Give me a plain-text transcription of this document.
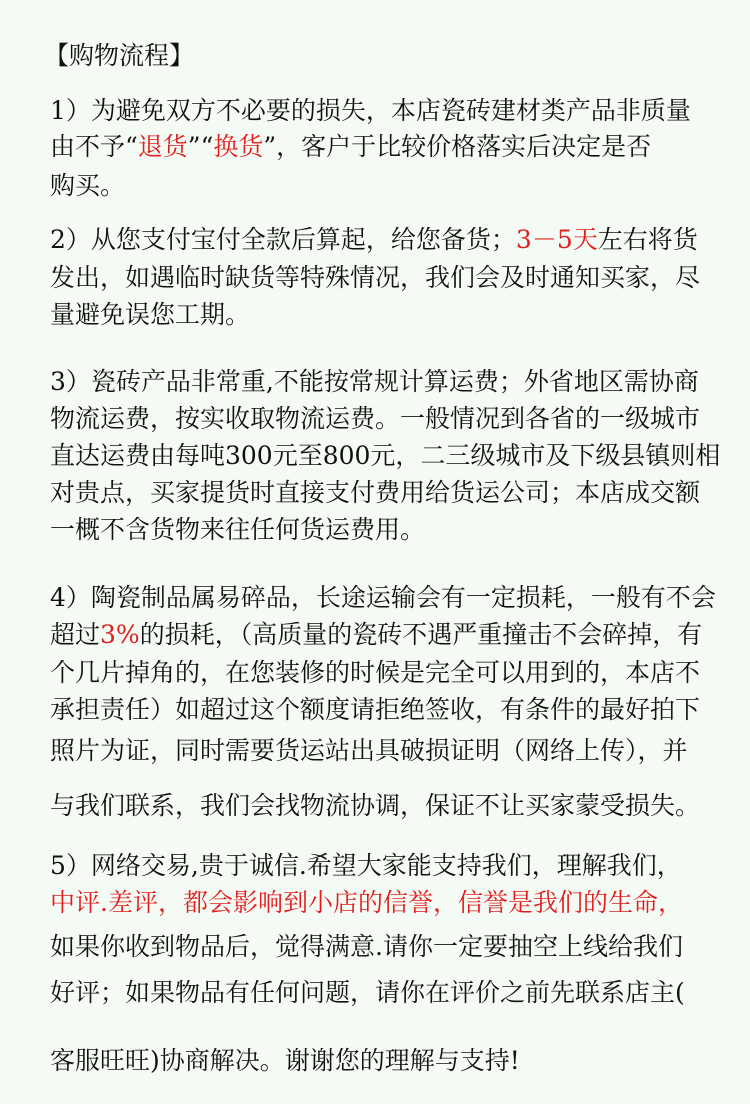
【购物流程】
1）为避免双方不必要的损失，本店瓷砖建材类产品非质量
由不予“退货”“换货”，客户于比较价格落实后决定是否
购买。
2）从您支付宝付全款后算起，给您备货；3－5天左右将货
发出，如遇临时缺货等特殊情况，我们会及时通知买家，尽
量避免误您工期。
3）瓷砖产品非常重,不能按常规计算运费；外省地区需协商
物流运费，按实收取物流运费。一般情况到各省的一级城市
直达运费由每吨300元至800元，二三级城市及下级县镇则相
对贵点，买家提货时直接支付费用给货运公司；本店成交额
一概不含货物来往任何货运费用。
4）陶瓷制品属易碎品，长途运输会有一定损耗，一般有不会
超过3%的损耗，（高质量的瓷砖不遇严重撞击不会碎掉，有
个几片掉角的，在您装修的时候是完全可以用到的，本店不
承担责任）如超过这个额度请拒绝签收，有条件的最好拍下
照片为证，同时需要货运站出具破损证明（网络上传），并
与我们联系，我们会找物流协调，保证不让买家蒙受损失。
5）网络交易,贵于诚信.希望大家能支持我们，理解我们，
中评.差评，都会影响到小店的信誉，信誉是我们的生命，
如果你收到物品后，觉得满意.请你一定要抽空上线给我们
好评；如果物品有任何问题，请你在评价之前先联系店主(
客服旺旺)协商解决。谢谢您的理解与支持!
